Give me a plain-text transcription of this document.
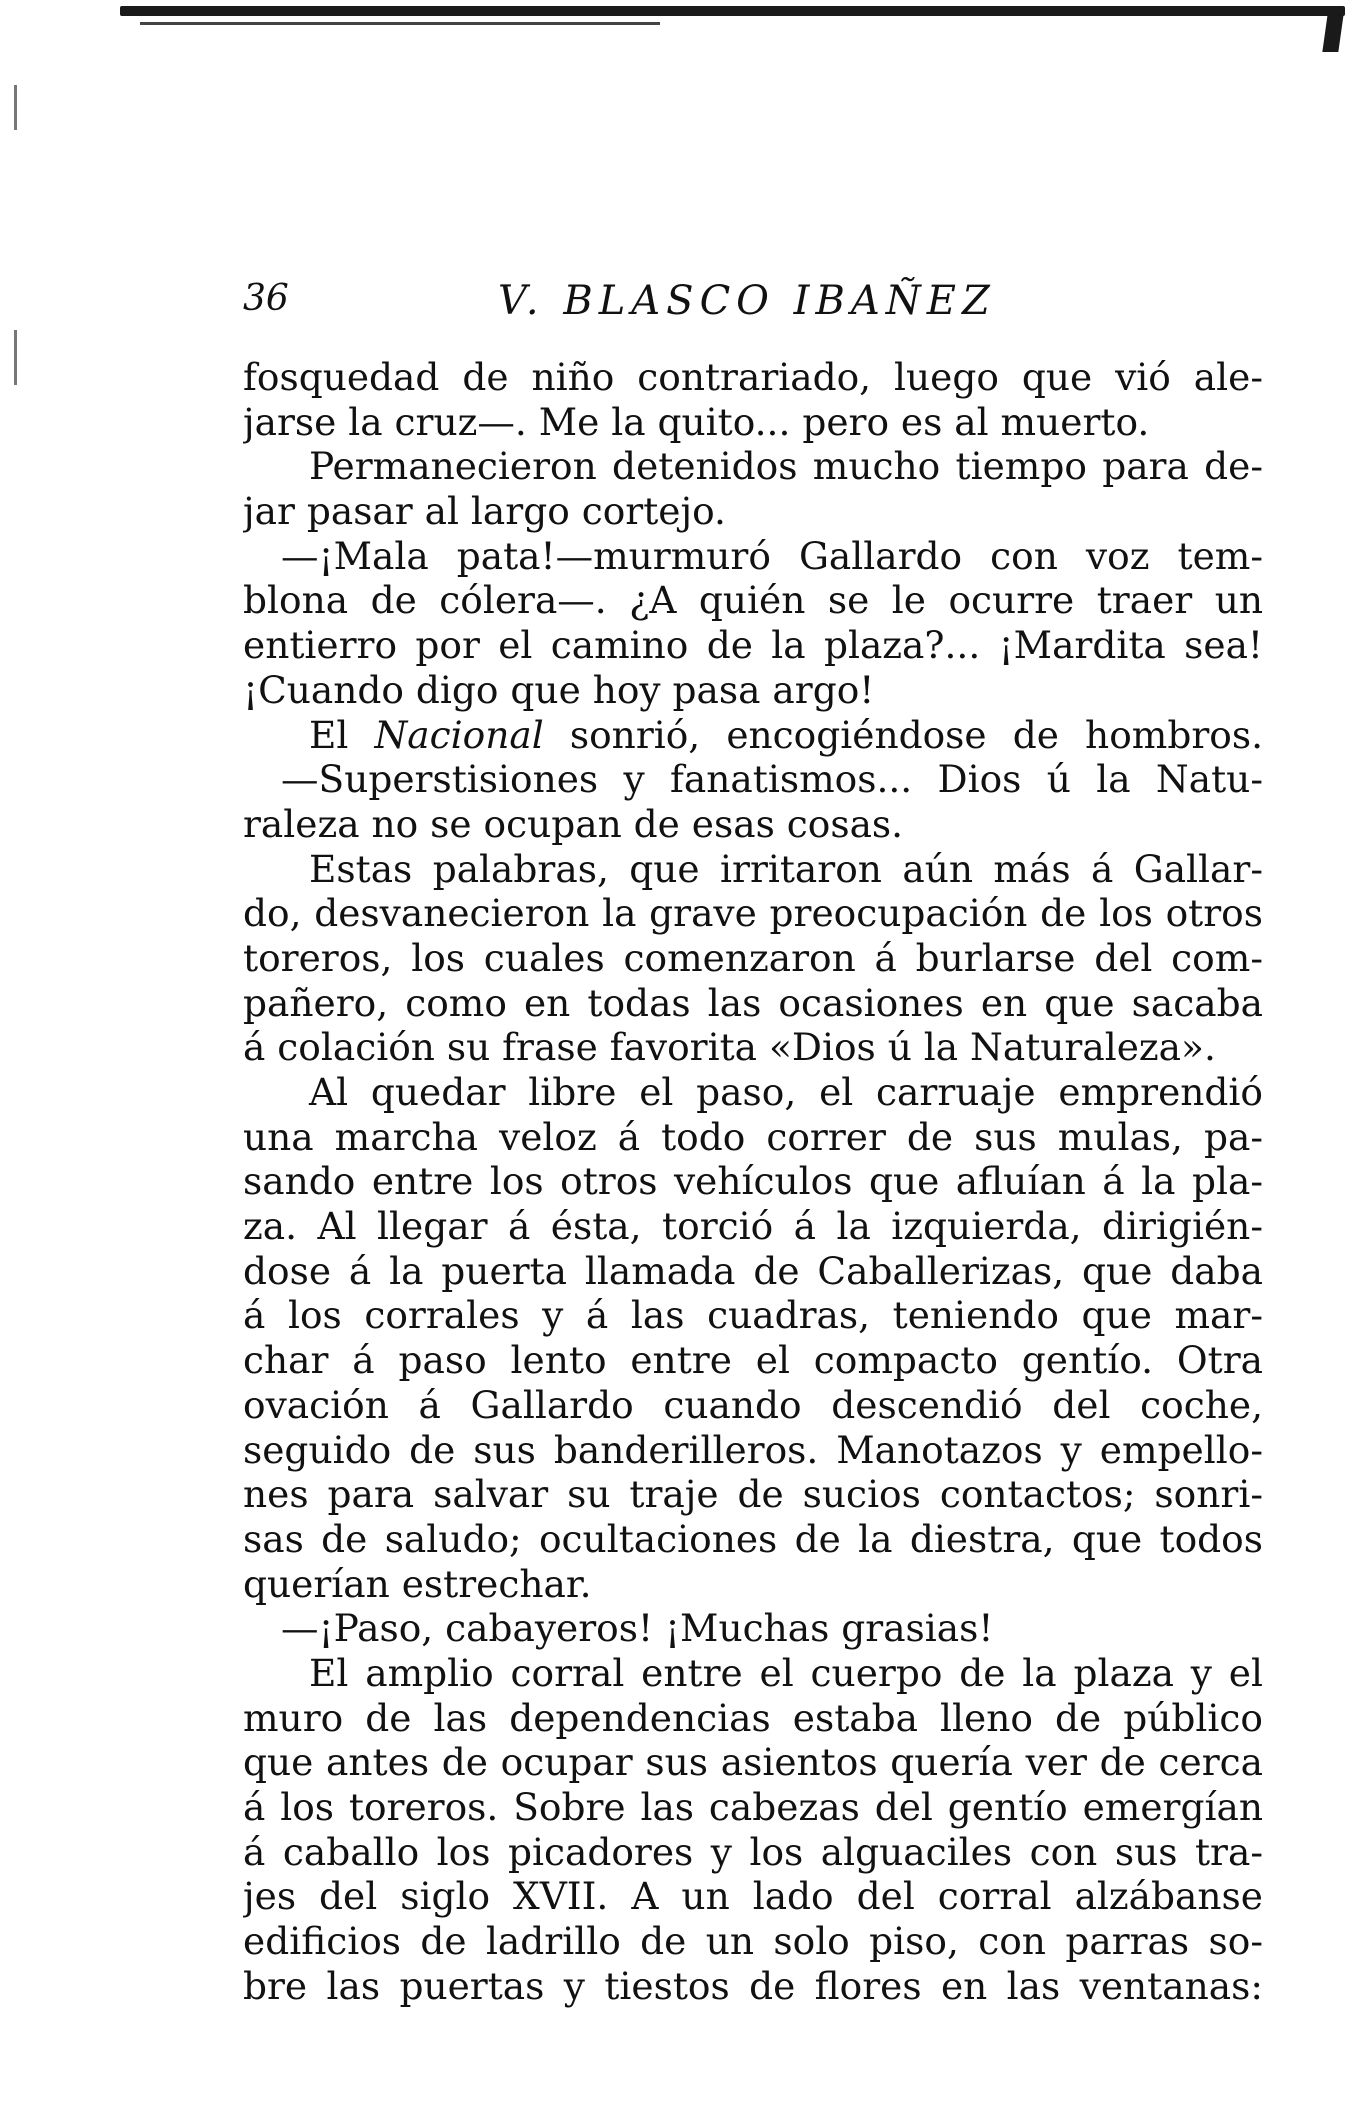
36	V. BLASCO IBAÑEZ
fosquedad de niño contrariado, luego que vió ale-
jarse la cruz—. Me la quito... pero es al muerto.
Permanecieron detenidos mucho tiempo para de-
jar pasar al largo cortejo.
—¡Mala pata!—murmuró Gallardo con voz tem-
blona de cólera—. ¿A quién se le ocurre traer un
entierro por el camino de la plaza?... ¡Mardita sea!
¡Cuando digo que hoy pasa argo!
El Nacional sonrió, encogiéndose de hombros.
—Superstisiones y fanatismos... Dios ú la Natu-
raleza no se ocupan de esas cosas.
Estas palabras, que irritaron aún más á Gallar-
do, desvanecieron la grave preocupación de los otros
toreros, los cuales comenzaron á burlarse del com-
pañero, como en todas las ocasiones en que sacaba
á colación su frase favorita «Dios ú la Naturaleza».
Al quedar libre el paso, el carruaje emprendió
una marcha veloz á todo correr de sus mulas, pa-
sando entre los otros vehículos que afluían á la pla-
za. Al llegar á ésta, torció á la izquierda, dirigién-
dose á la puerta llamada de Caballerizas, que daba
á los corrales y á las cuadras, teniendo que mar-
char á paso lento entre el compacto gentío. Otra
ovación á Gallardo cuando descendió del coche,
seguido de sus banderilleros. Manotazos y empello-
nes para salvar su traje de sucios contactos; sonri-
sas de saludo; ocultaciones de la diestra, que todos
querían estrechar.
—¡Paso, cabayeros! ¡Muchas grasias!
El amplio corral entre el cuerpo de la plaza y el
muro de las dependencias estaba lleno de público
que antes de ocupar sus asientos quería ver de cerca
á los toreros. Sobre las cabezas del gentío emergían
á caballo los picadores y los alguaciles con sus tra-
jes del siglo XVII. A un lado del corral alzábanse
edificios de ladrillo de un solo piso, con parras so-
bre las puertas y tiestos de flores en las ventanas:
